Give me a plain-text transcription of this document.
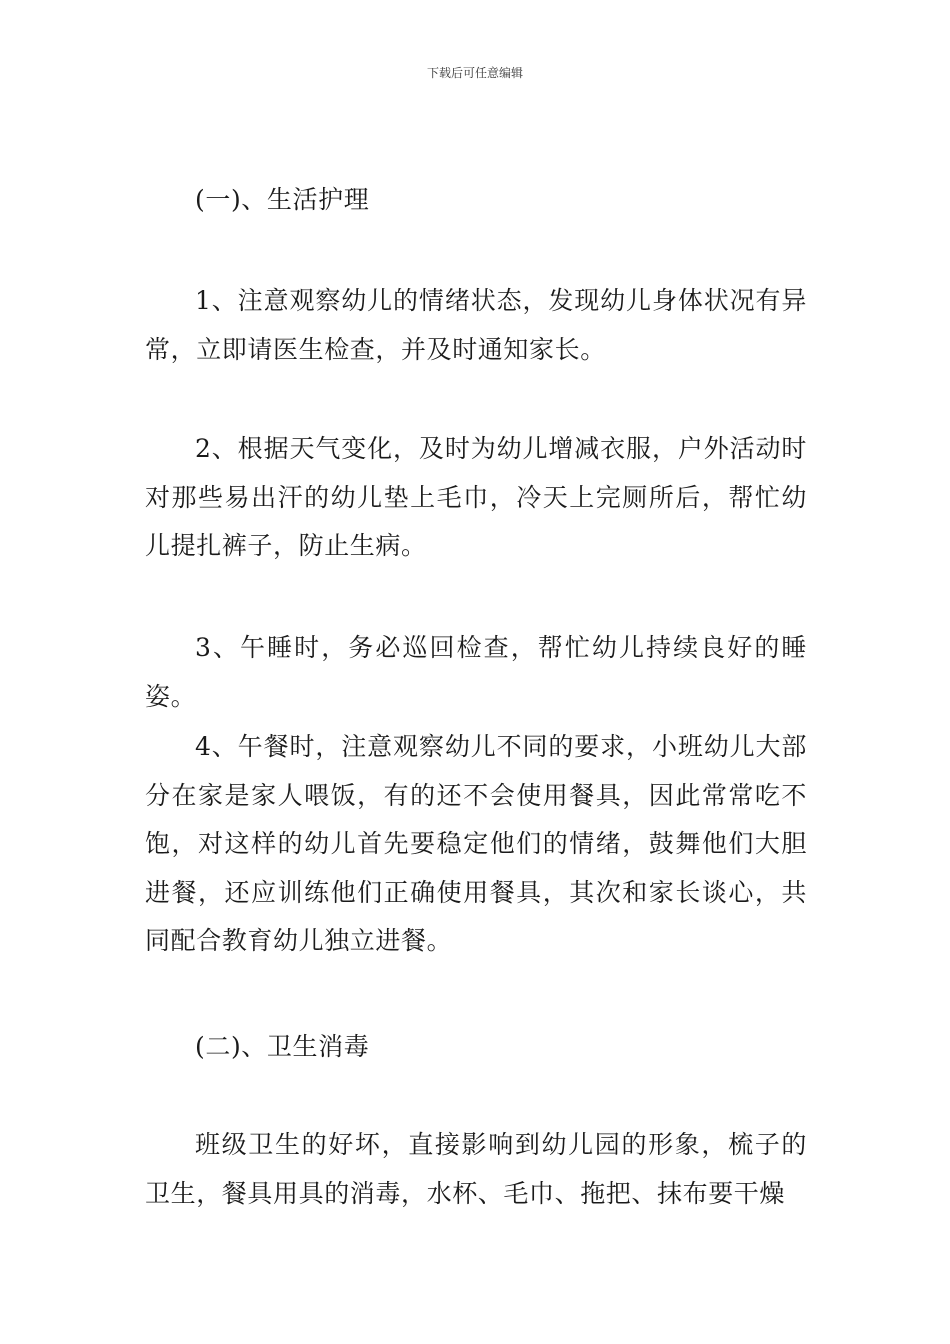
下载后可任意编辑

(一)、生活护理

1、注意观察幼儿的情绪状态，发现幼儿身体状况有异常，立即请医生检查，并及时通知家长。

2、根据天气变化，及时为幼儿增减衣服，户外活动时对那些易出汗的幼儿垫上毛巾，冷天上完厕所后，帮忙幼儿提扎裤子，防止生病。

3、午睡时，务必巡回检查，帮忙幼儿持续良好的睡姿。

4、午餐时，注意观察幼儿不同的要求，小班幼儿大部分在家是家人喂饭，有的还不会使用餐具，因此常常吃不饱，对这样的幼儿首先要稳定他们的情绪，鼓舞他们大胆进餐，还应训练他们正确使用餐具，其次和家长谈心，共同配合教育幼儿独立进餐。

(二)、卫生消毒

班级卫生的好坏，直接影响到幼儿园的形象，梳子的卫生，餐具用具的消毒，水杯、毛巾、拖把、抹布要干燥
